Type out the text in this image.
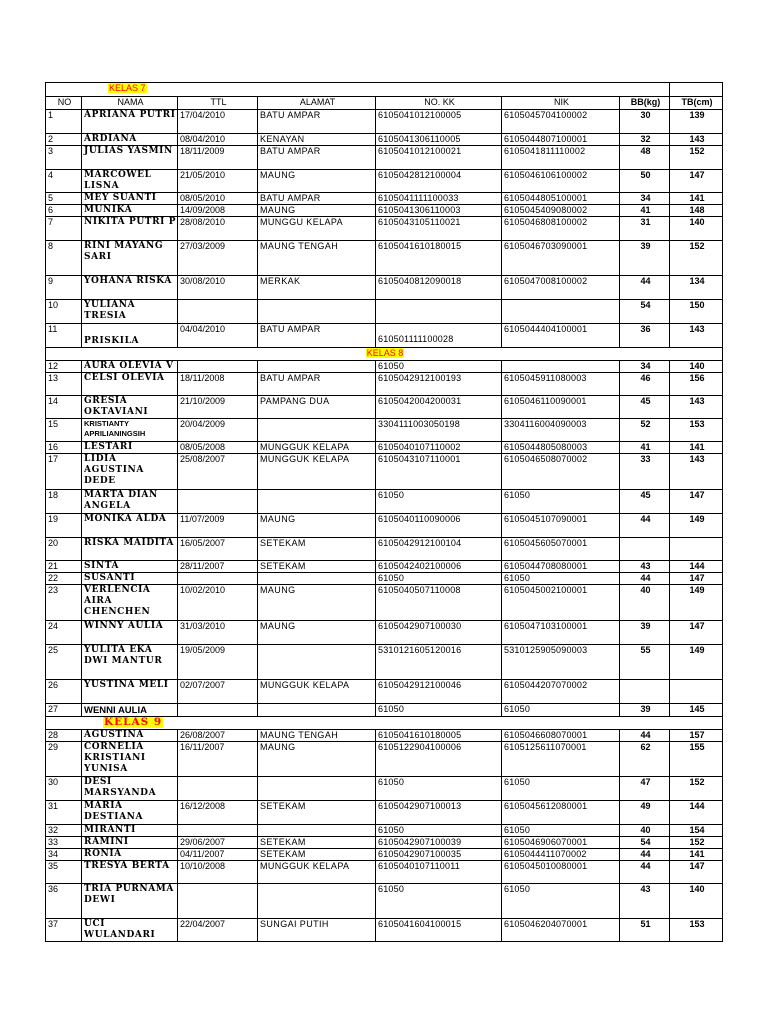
KELAS 7							
NO	NAMA	TTL	ALAMAT	NO. KK	NIK	BB(kg)	TB(cm)
1	APRIANA PUTRI	17/04/2010	BATU AMPAR	6105041012100005	6105045704100002	30	139
2	ARDIANA	08/04/2010	KENAYAN	6105041306110005	6105044807100001	32	143
3	JULIAS YASMIN	18/11/2009	BATU AMPAR	6105041012100021	6105041811110002	48	152
4	MARCOWEL LISNA	21/05/2010	MAUNG	6105042812100004	6105046106100002	50	147
5	MEY SUANTI	08/05/2010	BATU AMPAR	6105041111100033	6105044805100001	34	141
6	MUNIKA	14/09/2008	MAUNG	6105041306110003	6105045409080002	41	148
7	NIKITA PUTRI P	28/08/2010	MUNGGU KELAPA	6105043105110021	6105046808100002	31	140
8	RINI MAYANG SARI	27/03/2009	MAUNG TENGAH	6105041610180015	6105046703090001	39	152
9	YOHANA RISKA	30/08/2010	MERKAK	6105040812090018	6105047008100002	44	134
10	YULIANA TRESIA					54	150
11	PRISKILA	04/04/2010	BATU AMPAR	610501111100028	6105044404100001	36	143
KELAS 8							
12	AURA OLEVIA V			61050		34	140
13	CELSI OLEVIA	18/11/2008	BATU AMPAR	6105042912100193	6105045911080003	46	156
14	GRESIA OKTAVIANI	21/10/2009	PAMPANG DUA	6105042004200031	6105046110090001	45	143
15	KRISTIANTY APRILIANINGSIH	20/04/2009		3304111003050198	3304116004090003	52	153
16	LESTARI	08/05/2008	MUNGGUK KELAPA	6105040107110002	6105044805080003	41	141
17	LIDIA AGUSTINA DEDE	25/08/2007	MUNGGUK KELAPA	6105043107110001	6105046508070002	33	143
18	MARTA DIAN ANGELA			61050	61050	45	147
19	MONIKA ALDA	11/07/2009	MAUNG	6105040110090006	6105045107090001	44	149
20	RISKA MAIDITA	16/05/2007	SETEKAM	6105042912100104	6105045605070001		
21	SINTA	28/11/2007	SETEKAM	6105042402100006	6105044708080001	43	144
22	SUSANTI			61050	61050	44	147
23	VERLENCIA AIRA CHENCHEN	10/02/2010	MAUNG	6105040507110008	6105045002100001	40	149
24	WINNY AULIA	31/03/2010	MAUNG	6105042907100030	6105047103100001	39	147
25	YULITA EKA DWI MANTUR	19/05/2009		5310121605120016	5310125905090003	55	149
26	YUSTINA MELI	02/07/2007	MUNGGUK KELAPA	6105042912100046	6105044207070002		
27	WENNI AULIA			61050	61050	39	145
KELAS 9							
28	AGUSTINA	26/08/2007	MAUNG TENGAH	6105041610180005	6105046608070001	44	157
29	CORNELIA KRISTIANI YUNISA	16/11/2007	MAUNG	6105122904100006	6105125611070001	62	155
30	DESI MARSYANDA			61050	61050	47	152
31	MARIA DESTIANA	16/12/2008	SETEKAM	6105042907100013	6105045612080001	49	144
32	MIRANTI			61050	61050	40	154
33	RAMINI	29/06/2007	SETEKAM	6105042907100039	6105046906070001	54	152
34	RONIA	04/11/2007	SETEKAM	6105042907100035	6105044411070002	44	141
35	TRESYA BERTA	10/10/2008	MUNGGUK KELAPA	6105040107110011	6105045010080001	44	147
36	TRIA PURNAMA DEWI			61050	61050	43	140
37	UCI WULANDARI	22/04/2007	SUNGAI PUTIH	6105041604100015	6105046204070001	51	153
